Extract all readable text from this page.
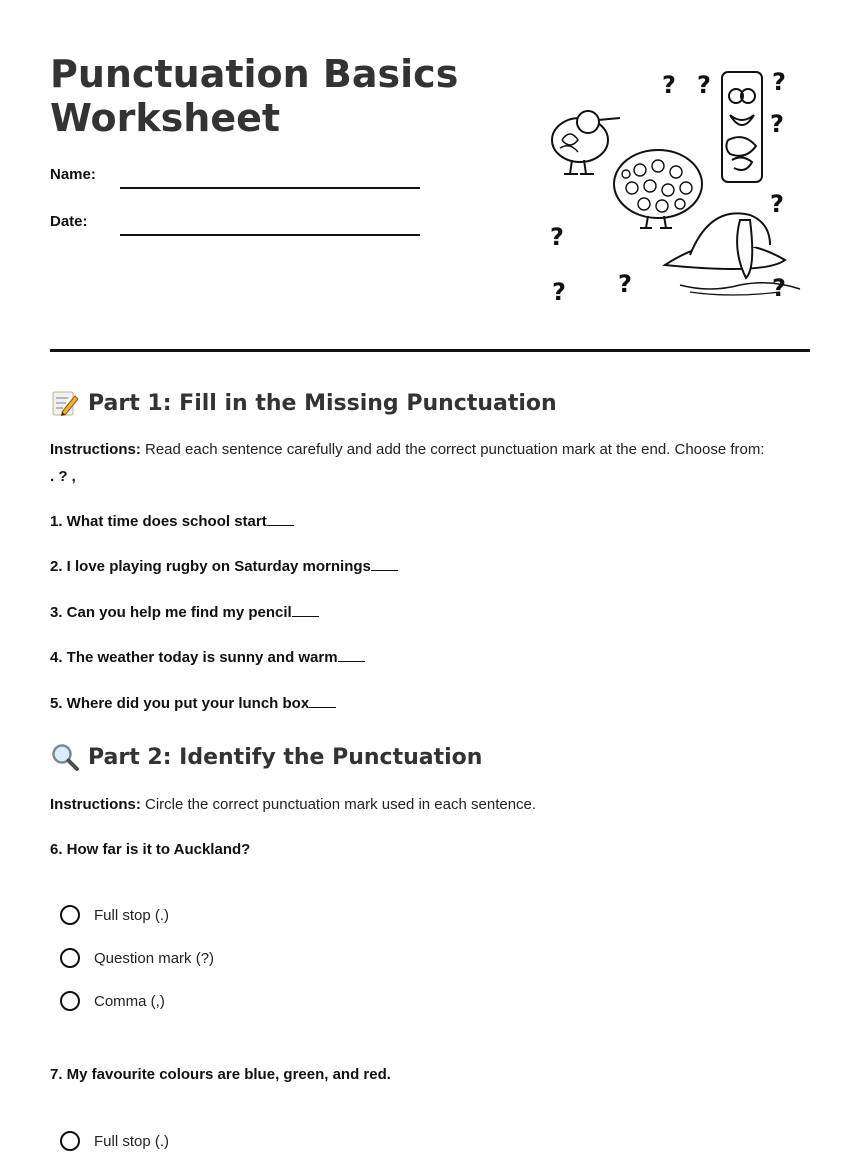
Punctuation Basics
Worksheet
Name:
Date:
? ?	?
?
?
?
?
?	?
Part 1: Fill in the Missing Punctuation
Instructions: Read each sentence carefully and add the correct punctuation mark at the end. Choose from:
. ? ,
1. What time does school start
2. I love playing rugby on Saturday mornings
3. Can you help me find my pencil
4. The weather today is sunny and warm
5. Where did you put your lunch box
Part 2: Identify the Punctuation
Instructions: Circle the correct punctuation mark used in each sentence.
6. How far is it to Auckland?
Full stop (.)
Question mark (?)
Comma (,)
7. My favourite colours are blue, green, and red.
Full stop (.)
